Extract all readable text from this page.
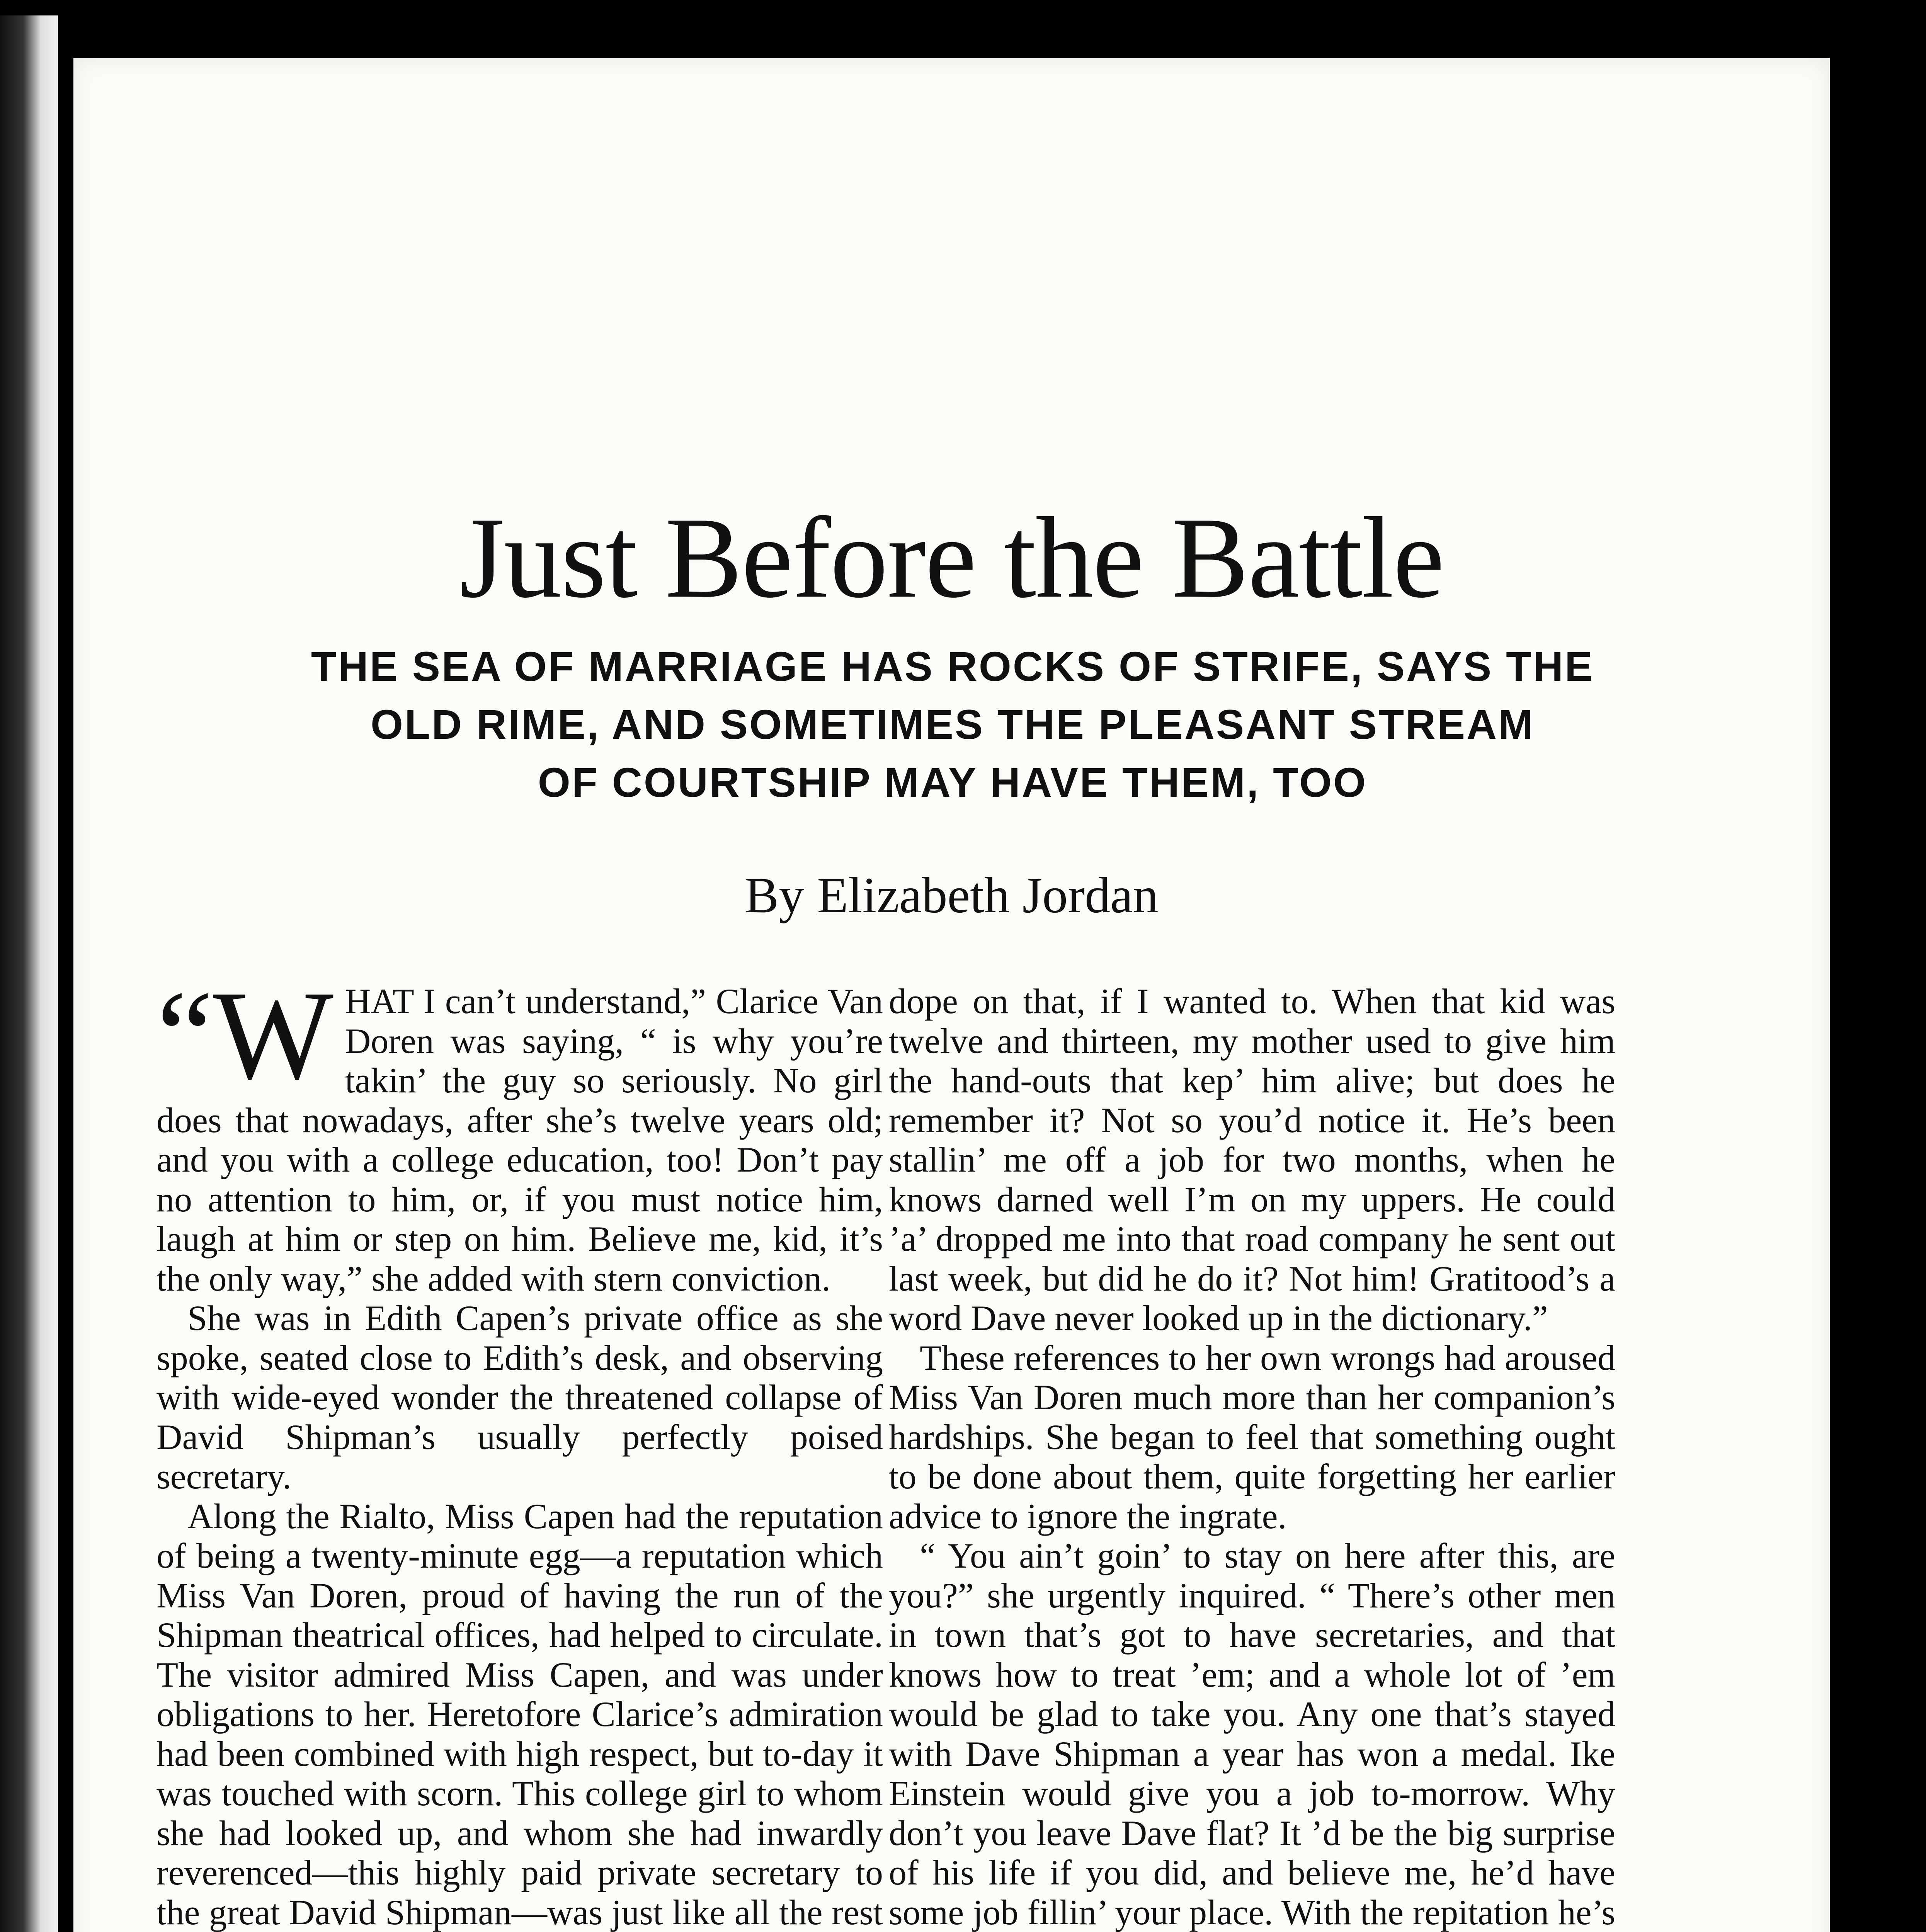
Just Before the Battle
THE SEA OF MARRIAGE HAS ROCKS OF STRIFE, SAYS THE
OLD RIME, AND SOMETIMES THE PLEASANT STREAM
OF COURTSHIP MAY HAVE THEM, TOO
By Elizabeth Jordan

“W HAT I can’t understand,” Clarice Van Doren was saying, “ is why you’re takin’ the guy so seriously. No girl does that nowadays, after she’s twelve years old; and you with a college education, too! Don’t pay no attention to him, or, if you must notice him, laugh at him or step on him. Believe me, kid, it’s the only way,” she added with stern conviction.

She was in Edith Capen’s private office as she spoke, seated close to Edith’s desk, and observing with wide-eyed wonder the threatened collapse of David Shipman’s usually perfectly poised secretary.

Along the Rialto, Miss Capen had the reputation of being a twenty-minute egg—a reputation which Miss Van Doren, proud of having the run of the Shipman theatrical offices, had helped to circulate. The visitor admired Miss Capen, and was under obligations to her. Heretofore Clarice’s admiration had been combined with high respect, but to-day it was touched with scorn. This college girl to whom she had looked up, and whom she had inwardly reverenced—this highly paid private secretary to the great David Shipman—was just like all the rest

dope on that, if I wanted to. When that kid was twelve and thirteen, my mother used to give him the hand-outs that kep’ him alive; but does he remember it? Not so you’d notice it. He’s been stallin’ me off a job for two months, when he knows darned well I’m on my uppers. He could ’a’ dropped me into that road company he sent out last week, but did he do it? Not him! Gratitood’s a word Dave never looked up in the dictionary.”

These references to her own wrongs had aroused Miss Van Doren much more than her companion’s hardships. She began to feel that something ought to be done about them, quite forgetting her earlier advice to ignore the ingrate.

“ You ain’t goin’ to stay on here after this, are you?” she urgently inquired. “ There’s other men in town that’s got to have secretaries, and that knows how to treat ’em; and a whole lot of ’em would be glad to take you. Any one that’s stayed with Dave Shipman a year has won a medal. Ike Einstein would give you a job to-morrow. Why don’t you leave Dave flat? It ’d be the big surprise of his life if you did, and believe me, he’d have some job fillin’ your place. With the repitation he’s
